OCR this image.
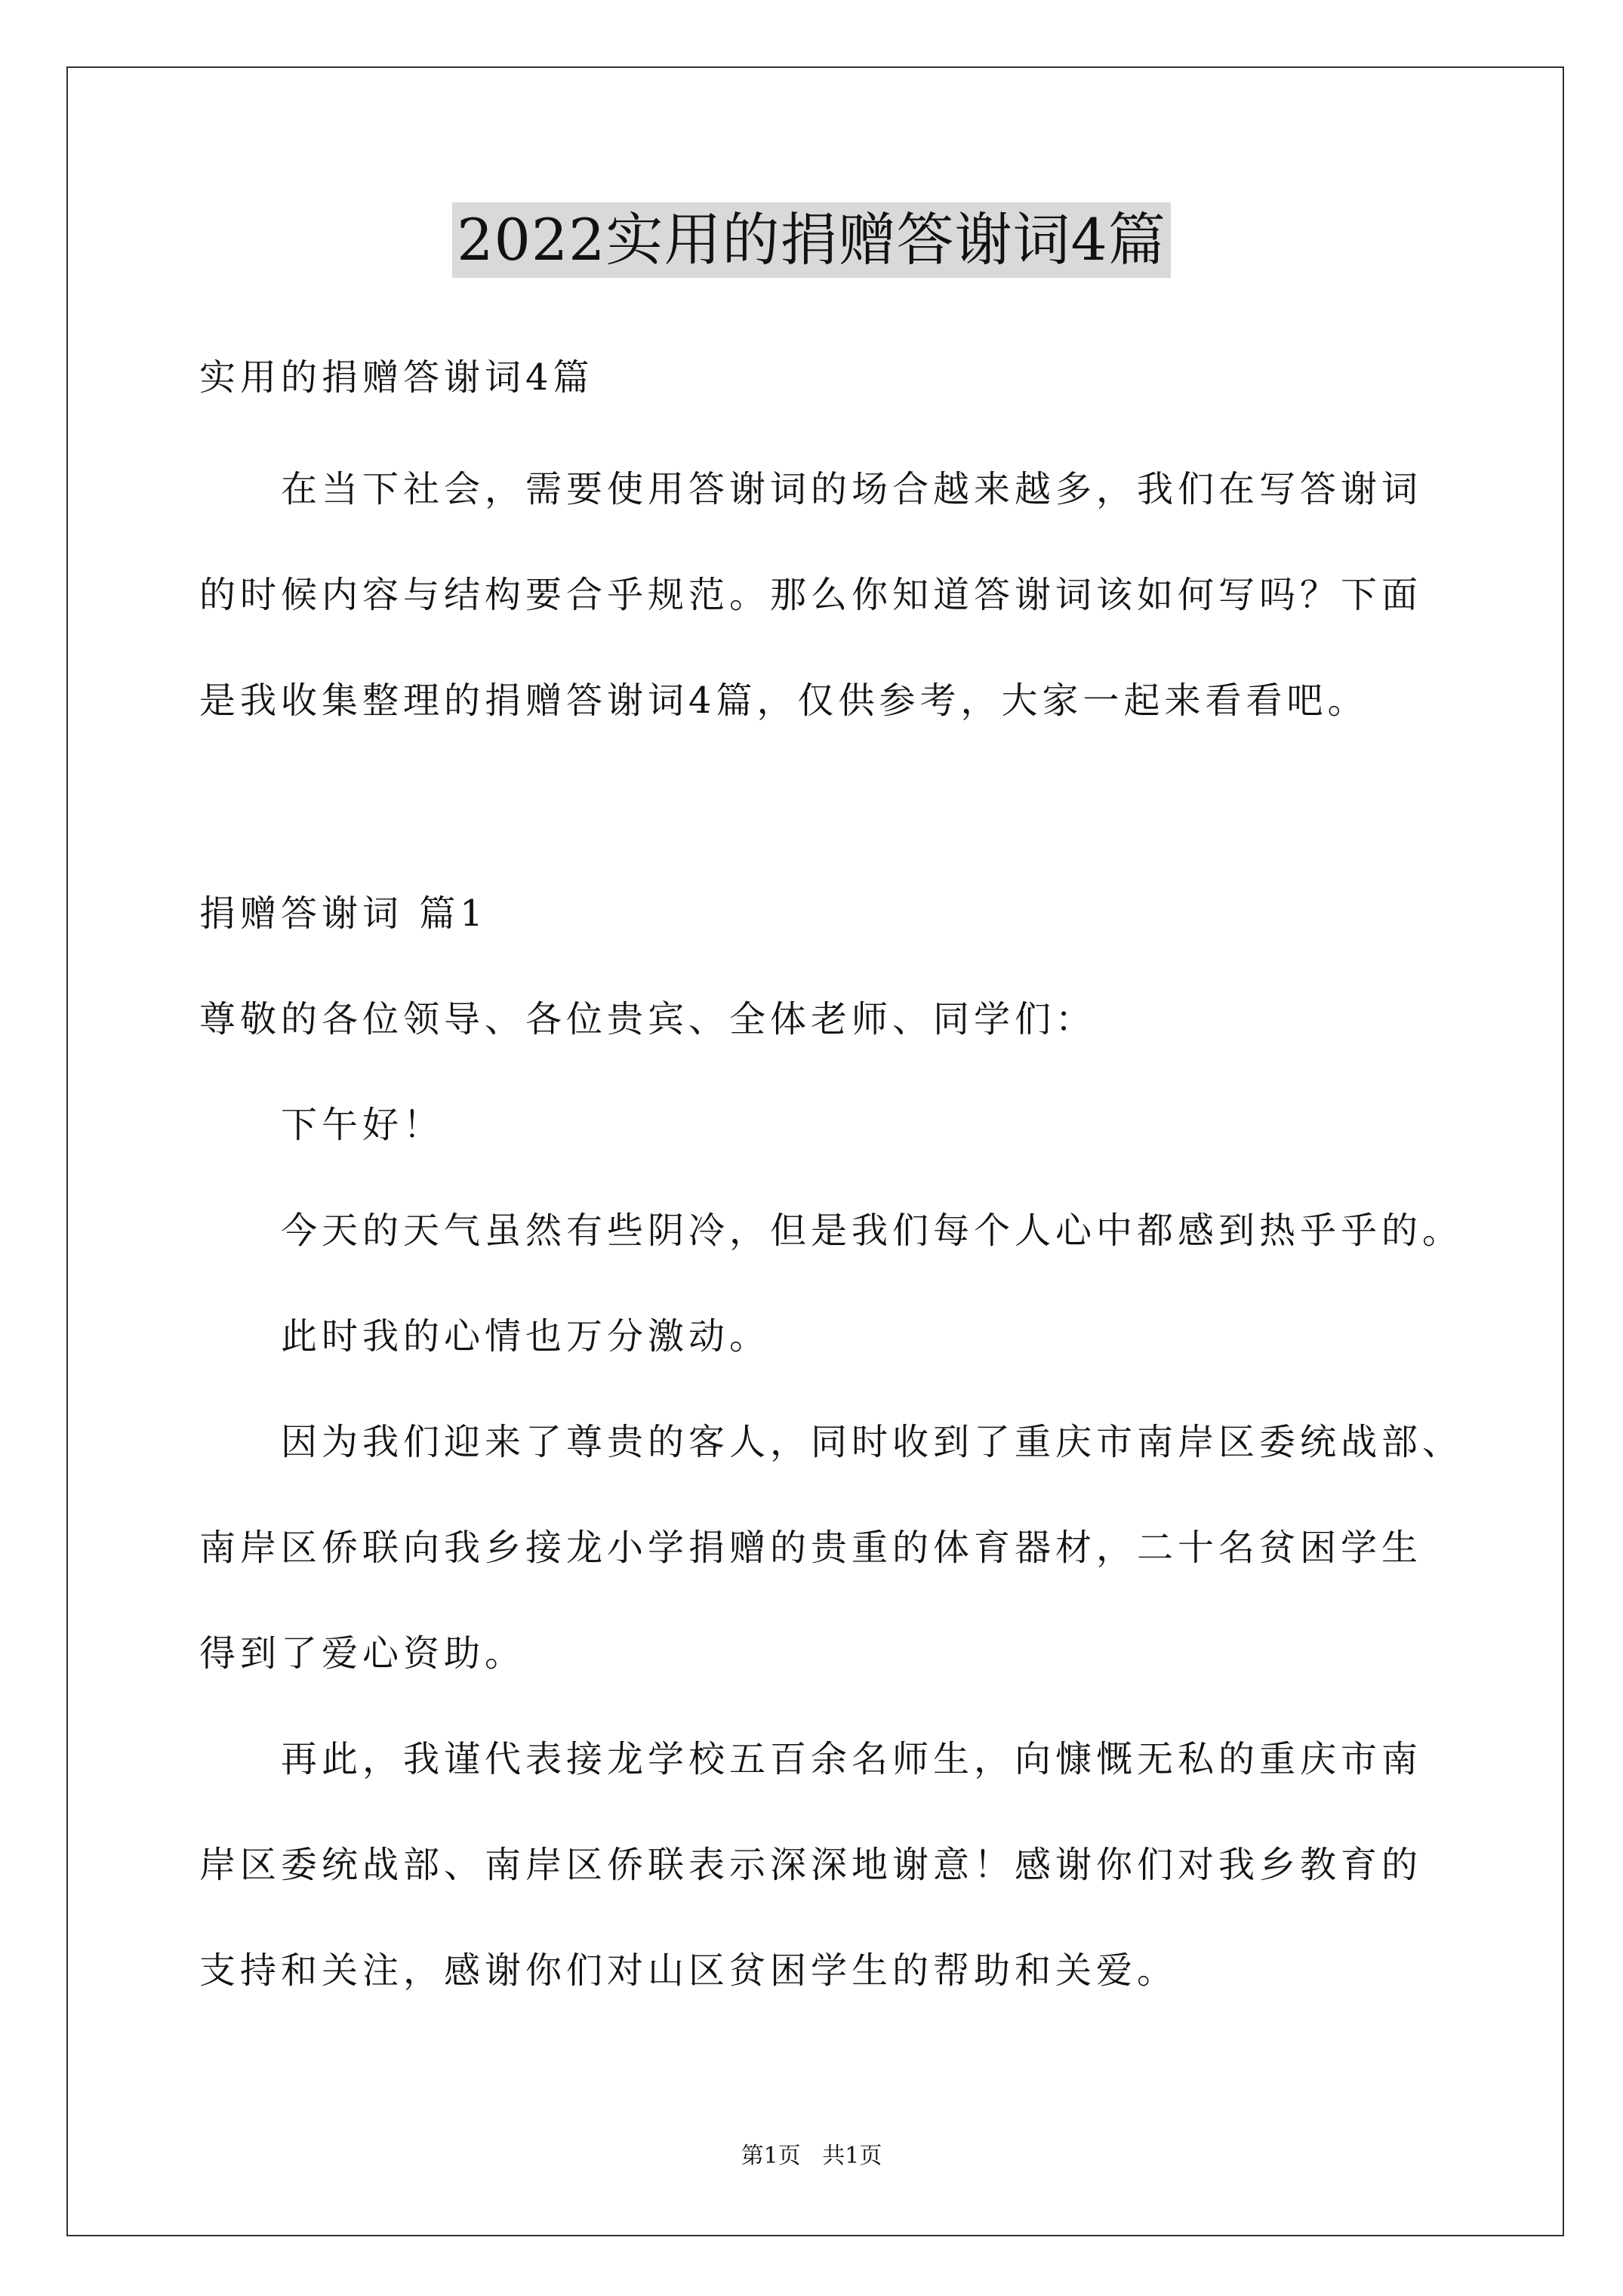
2022实用的捐赠答谢词4篇
实用的捐赠答谢词4篇
在当下社会，需要使用答谢词的场合越来越多，我们在写答谢词
的时候内容与结构要合乎规范。那么你知道答谢词该如何写吗？下面
是我收集整理的捐赠答谢词4篇，仅供参考，大家一起来看看吧。
捐赠答谢词 篇1
尊敬的各位领导、各位贵宾、全体老师、同学们：
下午好！
今天的天气虽然有些阴冷，但是我们每个人心中都感到热乎乎的。
此时我的心情也万分激动。
因为我们迎来了尊贵的客人，同时收到了重庆市南岸区委统战部、
南岸区侨联向我乡接龙小学捐赠的贵重的体育器材，二十名贫困学生
得到了爱心资助。
再此，我谨代表接龙学校五百余名师生，向慷慨无私的重庆市南
岸区委统战部、南岸区侨联表示深深地谢意！感谢你们对我乡教育的
支持和关注，感谢你们对山区贫困学生的帮助和关爱。
第1页   共1页
